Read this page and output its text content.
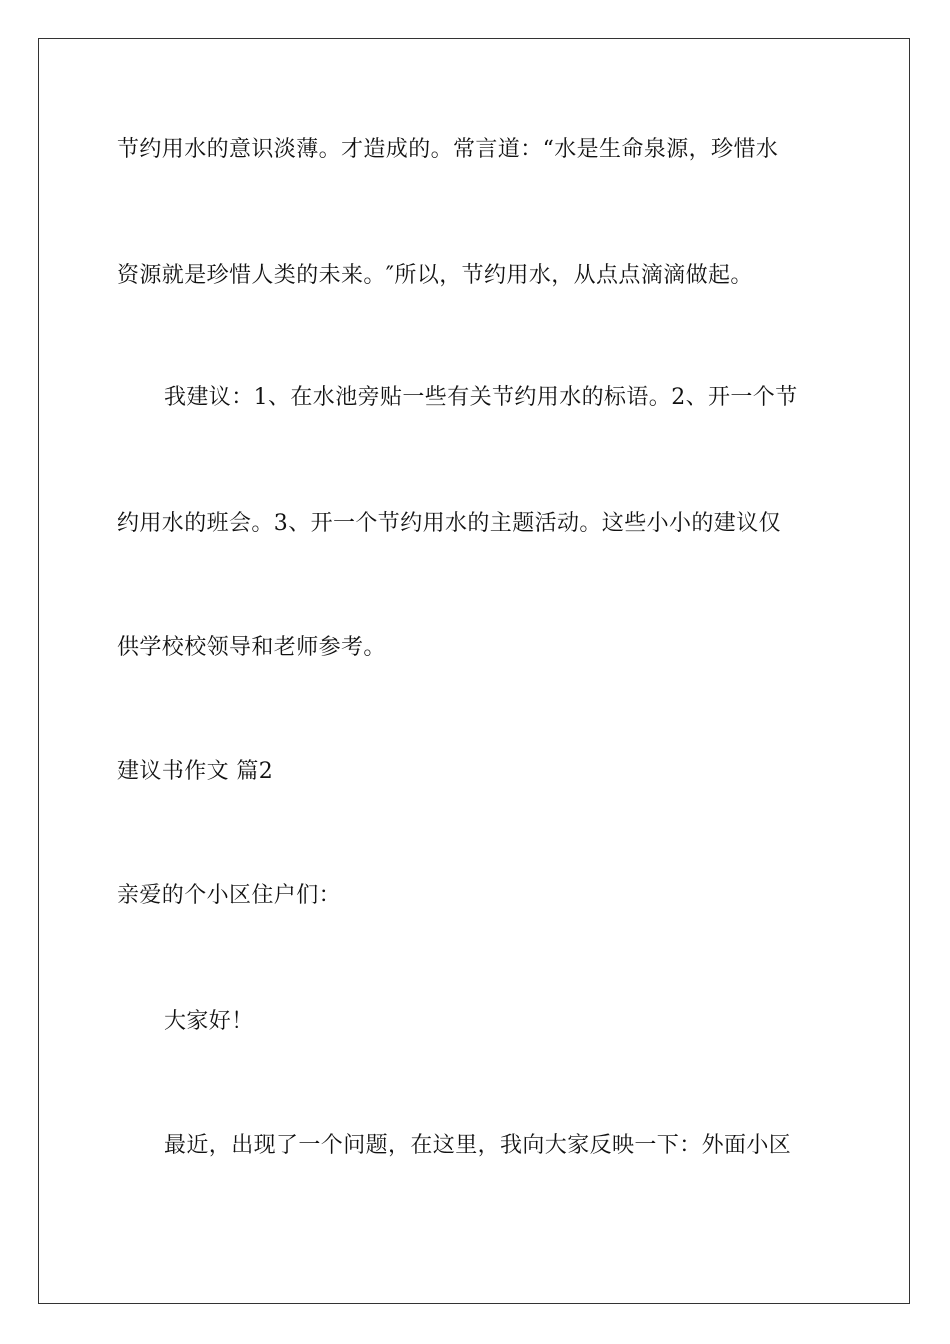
节约用水的意识淡薄。才造成的。常言道：“水是生命泉源，珍惜水
资源就是珍惜人类的未来。″所以，节约用水，从点点滴滴做起。
我建议：1、在水池旁贴一些有关节约用水的标语。2、开一个节
约用水的班会。3、开一个节约用水的主题活动。这些小小的建议仅
供学校校领导和老师参考。
建议书作文 篇2
亲爱的个小区住户们：
大家好！
最近，出现了一个问题，在这里，我向大家反映一下：外面小区
